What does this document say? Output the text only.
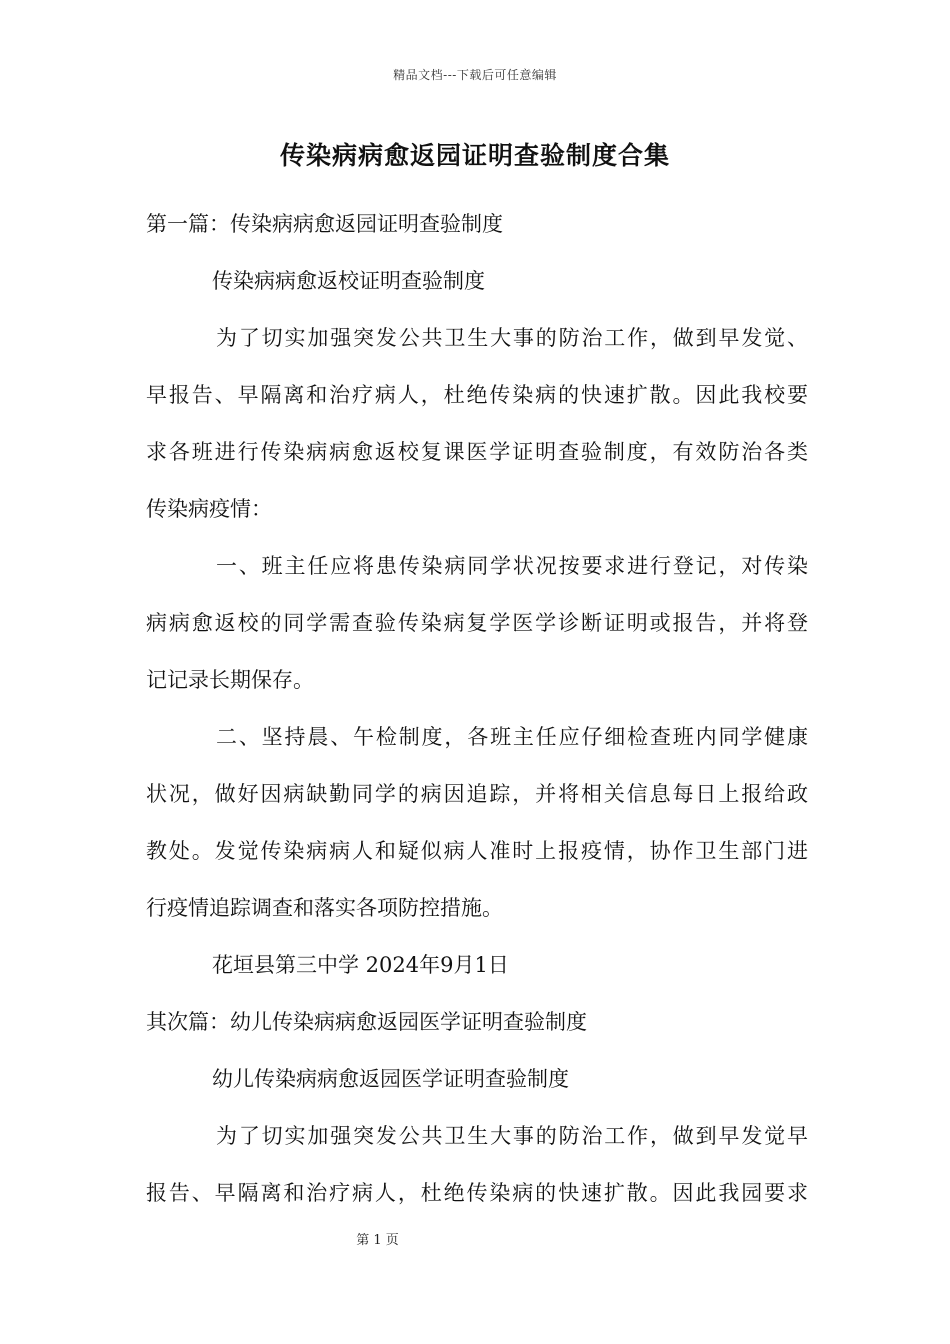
精品文档---下载后可任意编辑
传染病病愈返园证明查验制度合集
第一篇：传染病病愈返园证明查验制度
传染病病愈返校证明查验制度
为了切实加强突发公共卫生大事的防治工作，做到早发觉、
早报告、早隔离和治疗病人，杜绝传染病的快速扩散。因此我校要
求各班进行传染病病愈返校复课医学证明查验制度，有效防治各类
传染病疫情：
一、班主任应将患传染病同学状况按要求进行登记，对传染
病病愈返校的同学需查验传染病复学医学诊断证明或报告，并将登
记记录长期保存。
二、坚持晨、午检制度，各班主任应仔细检查班内同学健康
状况，做好因病缺勤同学的病因追踪，并将相关信息每日上报给政
教处。发觉传染病病人和疑似病人准时上报疫情，协作卫生部门进
行疫情追踪调查和落实各项防控措施。
花垣县第三中学 2024年9月1日
其次篇：幼儿传染病病愈返园医学证明查验制度
幼儿传染病病愈返园医学证明查验制度
为了切实加强突发公共卫生大事的防治工作，做到早发觉早
报告、早隔离和治疗病人，杜绝传染病的快速扩散。因此我园要求
第 1 页
